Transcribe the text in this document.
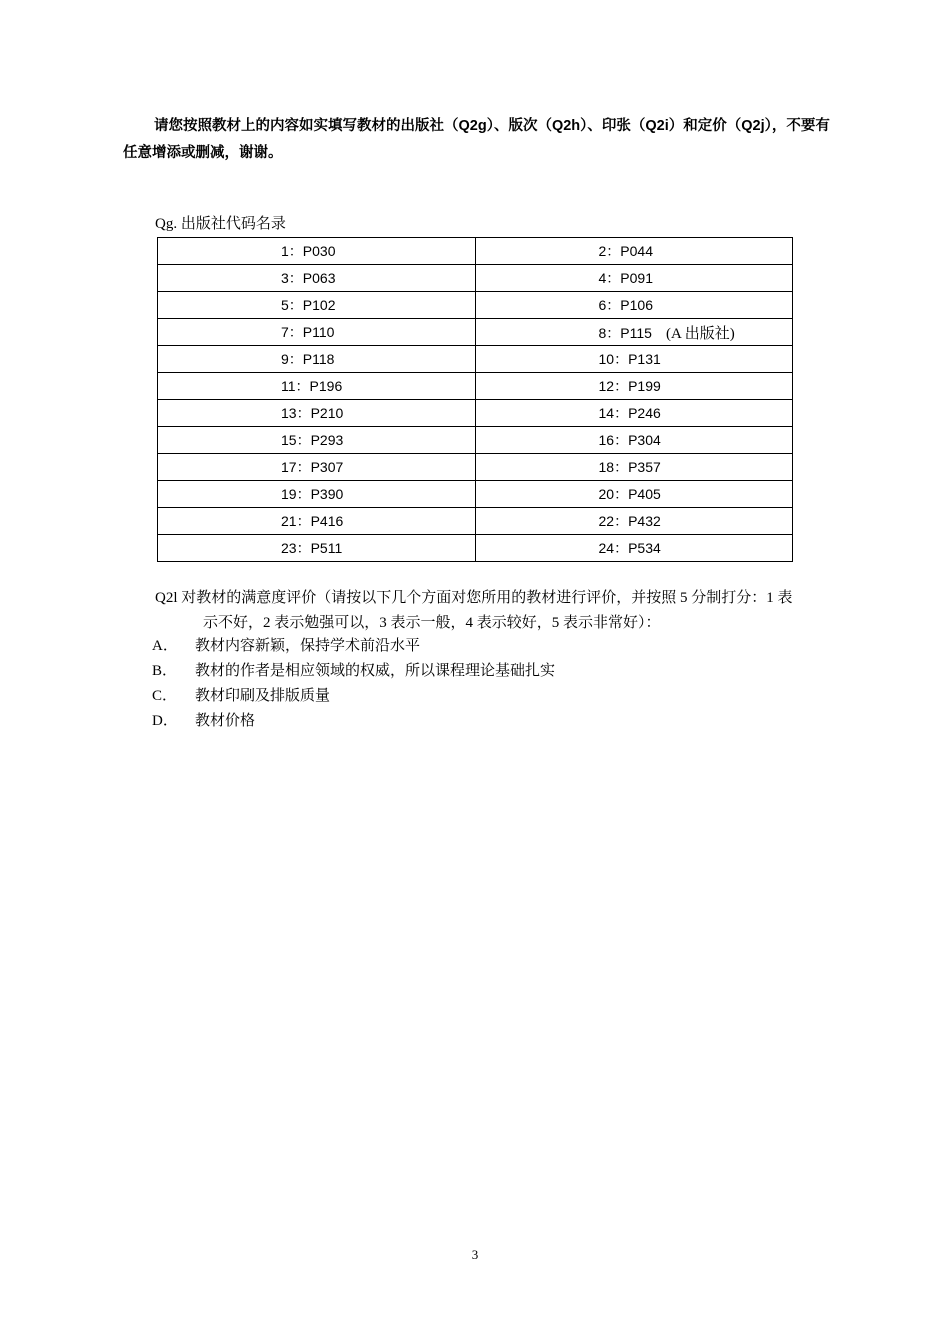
请您按照教材上的内容如实填写教材的出版社（Q2g）、版次（Q2h）、印张（Q2i）和定价（Q2j），不要有任意增添或删减，谢谢。
Qg. 出版社代码名录
1：P030	2：P044
3：P063	4：P091
5：P102	6：P106
7：P110	8：P115 (A 出版社)
9：P118	10：P131
11：P196	12：P199
13：P210	14：P246
15：P293	16：P304
17：P307	18：P357
19：P390	20：P405
21：P416	22：P432
23：P511	24：P534
Q2l 对教材的满意度评价（请按以下几个方面对您所用的教材进行评价，并按照 5 分制打分：1 表
示不好，2 表示勉强可以，3 表示一般，4 表示较好，5 表示非常好）：
A． 教材内容新颖，保持学术前沿水平
B． 教材的作者是相应领域的权威，所以课程理论基础扎实
C． 教材印刷及排版质量
D． 教材价格
3
